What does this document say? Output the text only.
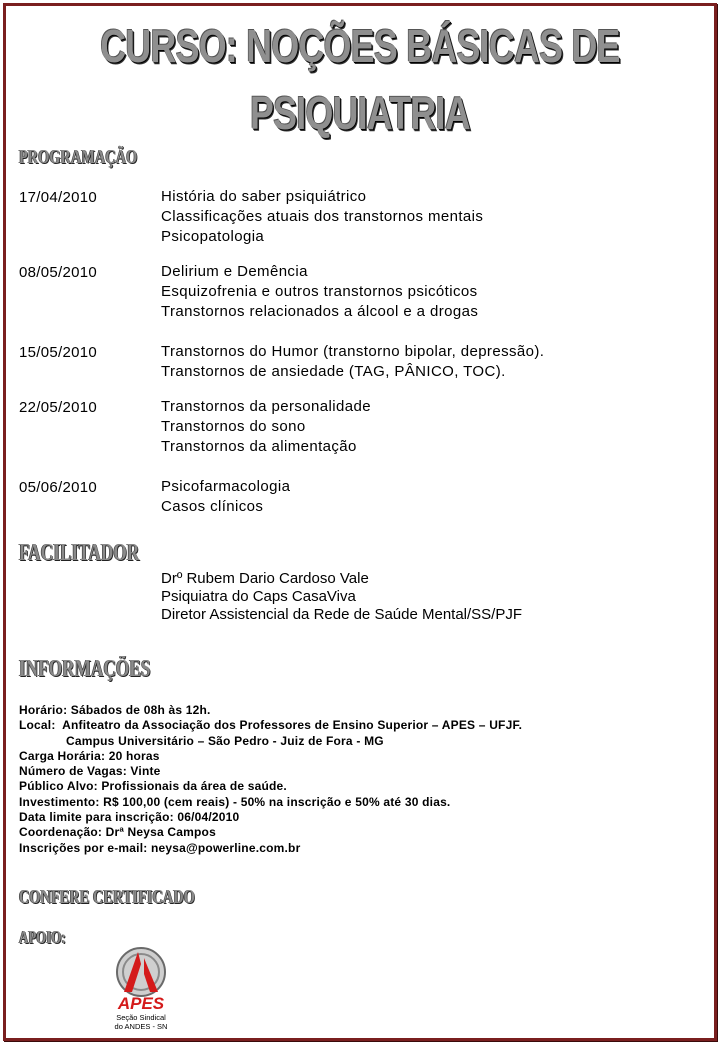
CURSO: NOÇÕES BÁSICAS DE
PSIQUIATRIA
PROGRAMAÇÃO
17/04/2010	História do saber psiquiátrico
Classificações atuais dos transtornos mentais
Psicopatologia
08/05/2010	Delirium e Demência
Esquizofrenia e outros transtornos psicóticos
Transtornos relacionados a álcool e a drogas
15/05/2010	Transtornos do Humor (transtorno bipolar, depressão).
Transtornos de ansiedade (TAG, PÂNICO, TOC).
22/05/2010	Transtornos da personalidade
Transtornos do sono
Transtornos da alimentação
05/06/2010	Psicofarmacologia
Casos clínicos
FACILITADOR
Drº Rubem Dario Cardoso Vale
Psiquiatra do Caps CasaViva
Diretor Assistencial da Rede de Saúde Mental/SS/PJF
INFORMAÇÕES
Horário: Sábados de 08h às 12h.
Local:  Anfiteatro da Associação dos Professores de Ensino Superior – APES – UFJF.
Campus Universitário – São Pedro - Juiz de Fora - MG
Carga Horária: 20 horas
Número de Vagas: Vinte
Público Alvo: Profissionais da área de saúde.
Investimento: R$ 100,00 (cem reais) - 50% na inscrição e 50% até 30 dias.
Data limite para inscrição: 06/04/2010
Coordenação: Drª Neysa Campos
Inscrições por e-mail: neysa@powerline.com.br
CONFERE CERTIFICADO
APOIO:
APES
Seção Sindical
do ANDES - SN
